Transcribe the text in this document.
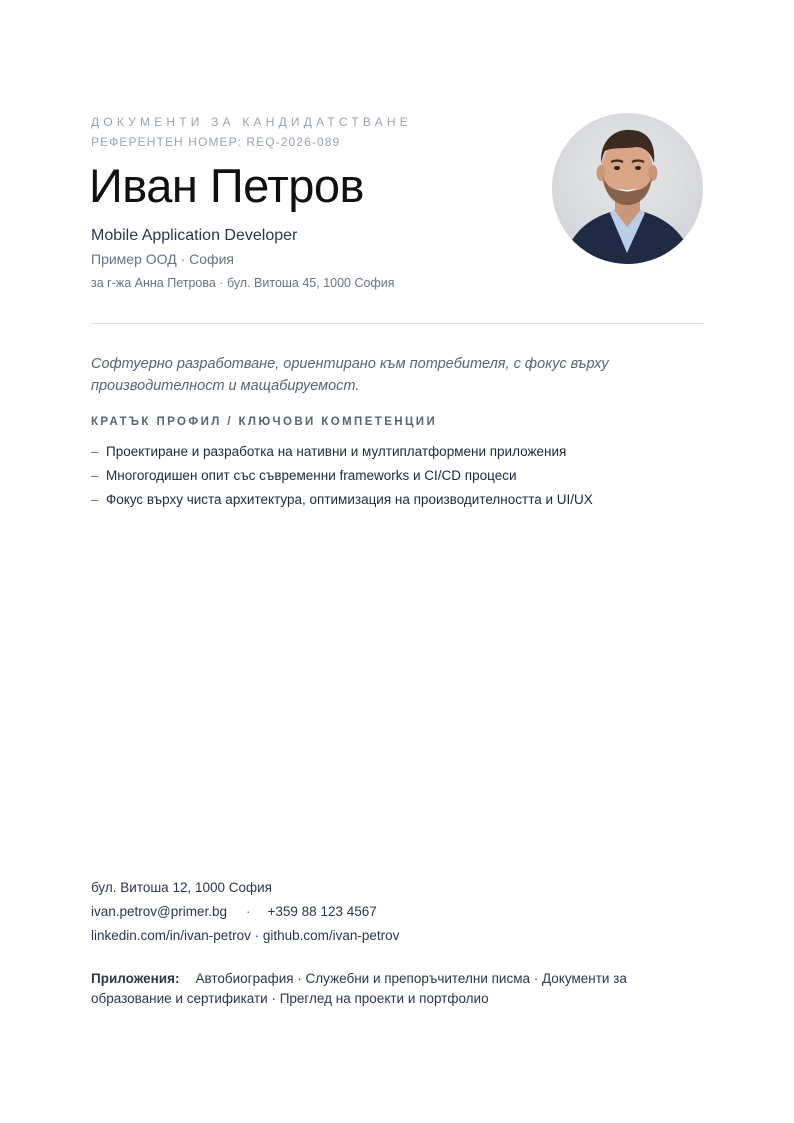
ДОКУМЕНТИ ЗА КАНДИДАТСТВАНЕ
РЕФЕРЕНТЕН НОМЕР: REQ-2026-089
Иван Петров
Mobile Application Developer
Пример ООД · София
за г-жа Анна Петрова · бул. Витоша 45, 1000 София
Софтуерно разработване, ориентирано към потребителя, с фокус върху производителност и мащабируемост.
КРАТЪК ПРОФИЛ / КЛЮЧОВИ КОМПЕТЕНЦИИ
– Проектиране и разработка на нативни и мултиплатформени приложения
– Многогодишен опит със съвременни frameworks и CI/CD процеси
– Фокус върху чиста архитектура, оптимизация на производителността и UI/UX
бул. Витоша 12, 1000 София
ivan.petrov@primer.bg · +359 88 123 4567
linkedin.com/in/ivan-petrov · github.com/ivan-petrov
Приложения: Автобиография · Служебни и препоръчителни писма · Документи за образование и сертификати · Преглед на проекти и портфолио
